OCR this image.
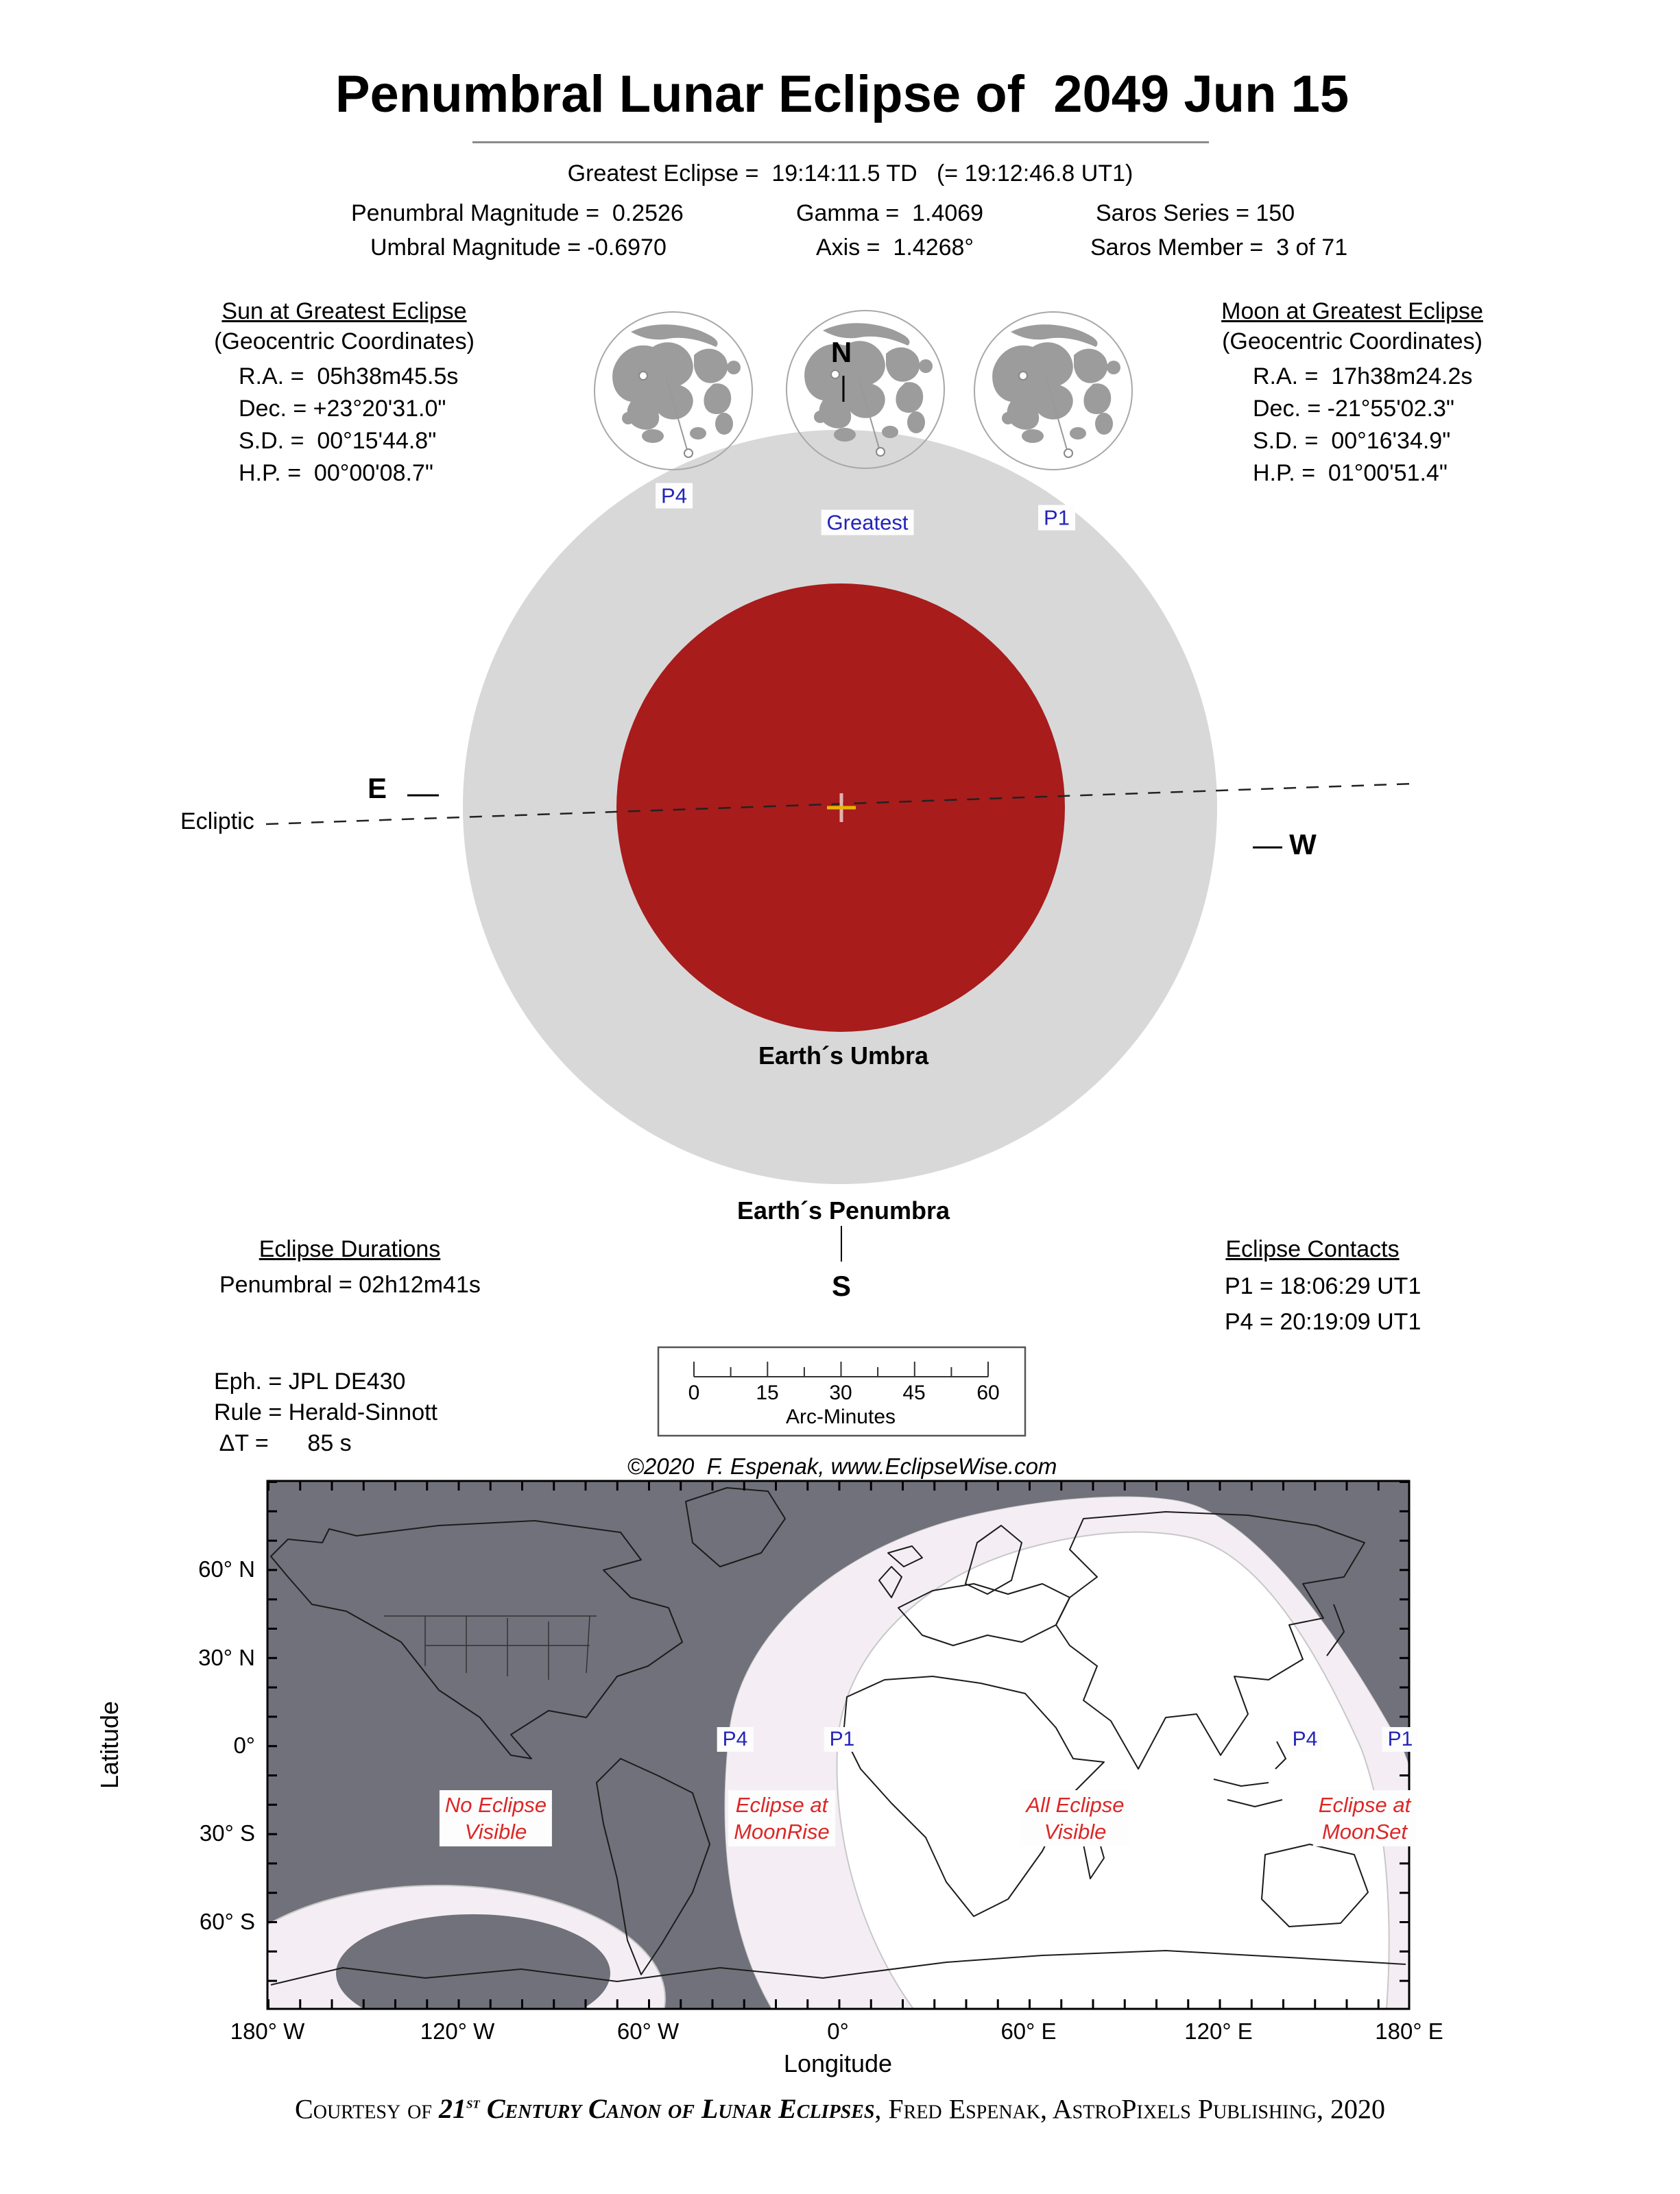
Penumbral Lunar Eclipse of  2049 Jun 15
Greatest Eclipse =  19:14:11.5 TD   (= 19:12:46.8 UT1)
Penumbral Magnitude =  0.2526	Gamma =  1.4069	Saros Series = 150
Umbral Magnitude = -0.6970	Axis =  1.4268°	Saros Member =  3 of 71
Sun at Greatest Eclipse
(Geocentric Coordinates)
R.A. =  05h38m45.5s
Dec. = +23°20'31.0"
S.D. =  00°15'44.8"
H.P. =  00°00'08.7"
Moon at Greatest Eclipse
(Geocentric Coordinates)
R.A. =  17h38m24.2s
Dec. = -21°55'02.3"
S.D. =  00°16'34.9"
H.P. =  01°00'51.4"
N
P4
Greatest	P1
E
W
Ecliptic
Earth´s Umbra
Earth´s Penumbra
S
Eclipse Durations
Penumbral = 02h12m41s
Eclipse Contacts
P1 = 18:06:29 UT1
P4 = 20:19:09 UT1
Eph. = JPL DE430
Rule = Herald-Sinnott
ΔT =      85 s
0	15 30 45 60
Arc-Minutes
©2020  F. Espenak, www.EclipseWise.com
60° N
30° N
0°
30° S
60° S
Latitude
180° W	120° W	60° W	0°	60° E	120° E	180° E
Longitude
P4	P1	P4	P1
No Eclipse
Visible
Eclipse at
MoonRise
All Eclipse
Visible
Eclipse at
MoonSet
Courtesy of 21st Century Canon of Lunar Eclipses, Fred Espenak, AstroPixels Publishing, 2020
